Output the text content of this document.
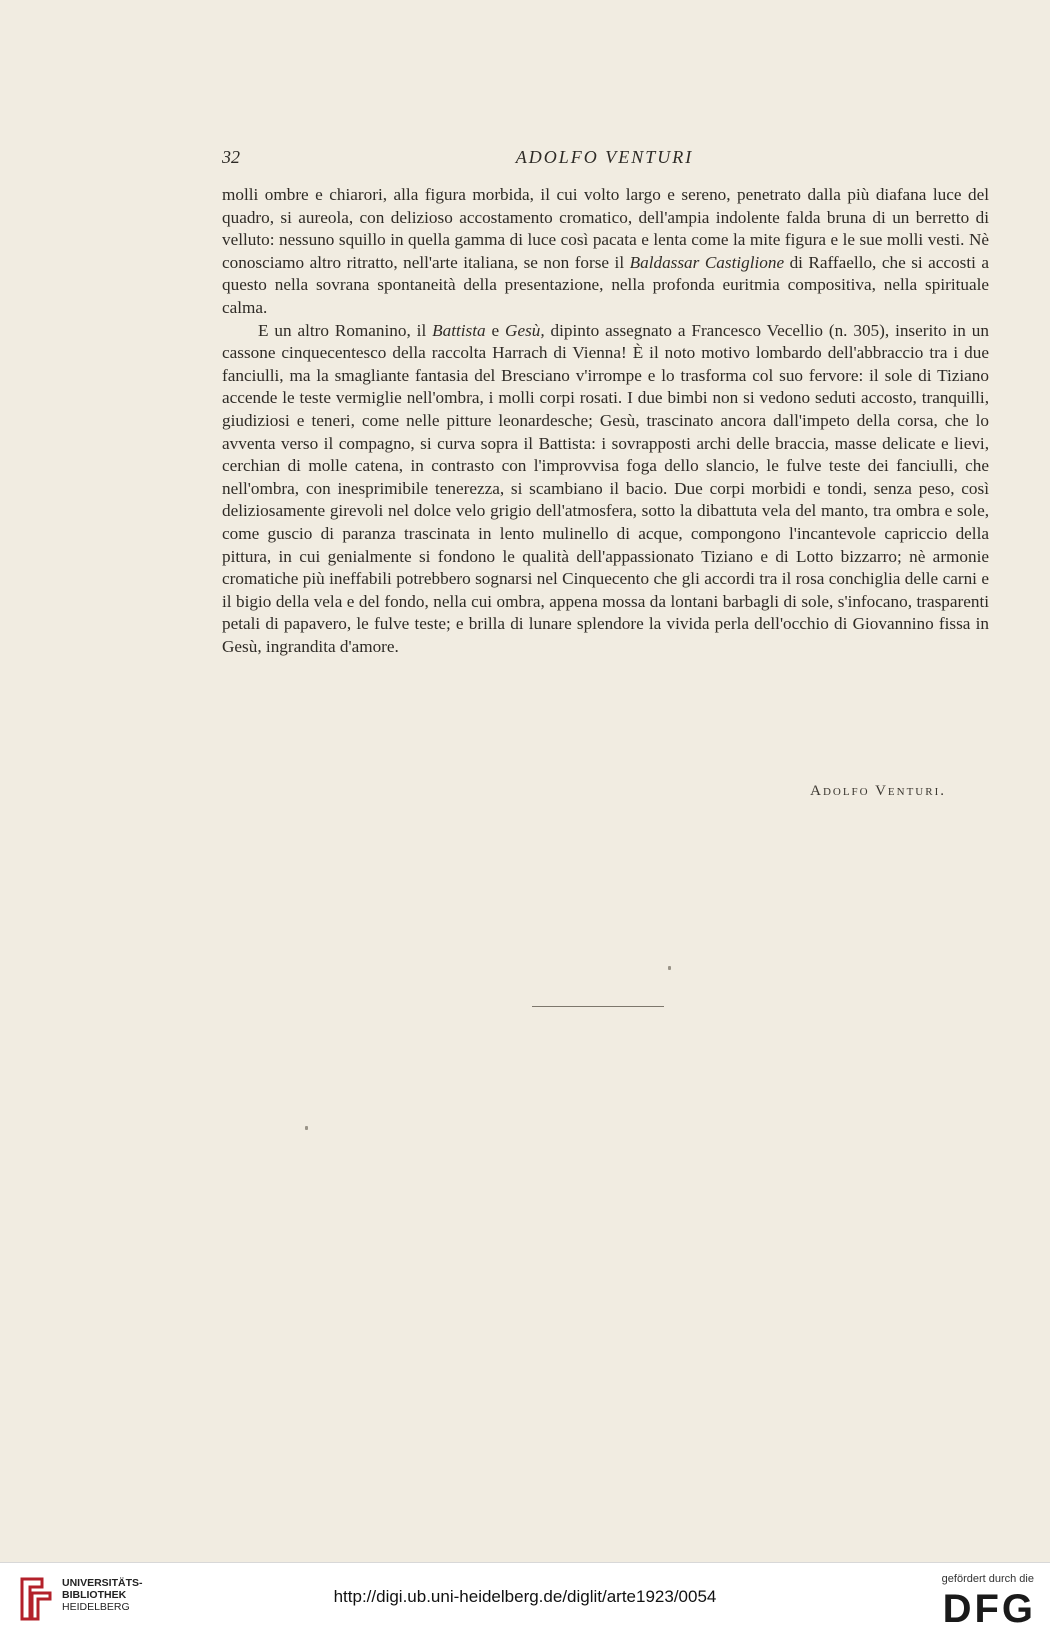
32	ADOLFO VENTURI

molli ombre e chiarori, alla figura morbida, il cui volto largo e sereno, penetrato dalla più diafana luce del quadro, si aureola, con delizioso accostamento cromatico, dell'ampia indolente falda bruna di un berretto di velluto: nessuno squillo in quella gamma di luce così pacata e lenta come la mite figura e le sue molli vesti. Nè conosciamo altro ritratto, nell'arte italiana, se non forse il Baldassar Castiglione di Raffaello, che si accosti a questo nella sovrana spontaneità della presentazione, nella profonda euritmia compositiva, nella spirituale calma.

E un altro Romanino, il Battista e Gesù, dipinto assegnato a Francesco Vecellio (n. 305), inserito in un cassone cinquecentesco della raccolta Harrach di Vienna! È il noto motivo lombardo dell'abbraccio tra i due fanciulli, ma la smagliante fantasia del Bresciano v'irrompe e lo trasforma col suo fervore: il sole di Tiziano accende le teste vermiglie nell'ombra, i molli corpi rosati. I due bimbi non si vedono seduti accosto, tranquilli, giudiziosi e teneri, come nelle pitture leonardesche; Gesù, trascinato ancora dall'impeto della corsa, che lo avventa verso il compagno, si curva sopra il Battista: i sovrapposti archi delle braccia, masse delicate e lievi, cerchian di molle catena, in contrasto con l'improvvisa foga dello slancio, le fulve teste dei fanciulli, che nell'ombra, con inesprimibile tenerezza, si scambiano il bacio. Due corpi morbidi e tondi, senza peso, così deliziosamente girevoli nel dolce velo grigio dell'atmosfera, sotto la dibattuta vela del manto, tra ombra e sole, come guscio di paranza trascinata in lento mulinello di acque, compongono l'incantevole capriccio della pittura, in cui genialmente si fondono le qualità dell'appassionato Tiziano e di Lotto bizzarro; nè armonie cromatiche più ineffabili potrebbero sognarsi nel Cinquecento che gli accordi tra il rosa conchiglia delle carni e il bigio della vela e del fondo, nella cui ombra, appena mossa da lontani barbagli di sole, s'infocano, trasparenti petali di papavero, le fulve teste; e brilla di lunare splendore la vivida perla dell'occhio di Giovannino fissa in Gesù, ingrandita d'amore.

Adolfo Venturi.
UNIVERSITÄTS-
BIBLIOTHEK
HEIDELBERG
http://digi.ub.uni-heidelberg.de/diglit/arte1923/0054
gefördert durch die
DFG
